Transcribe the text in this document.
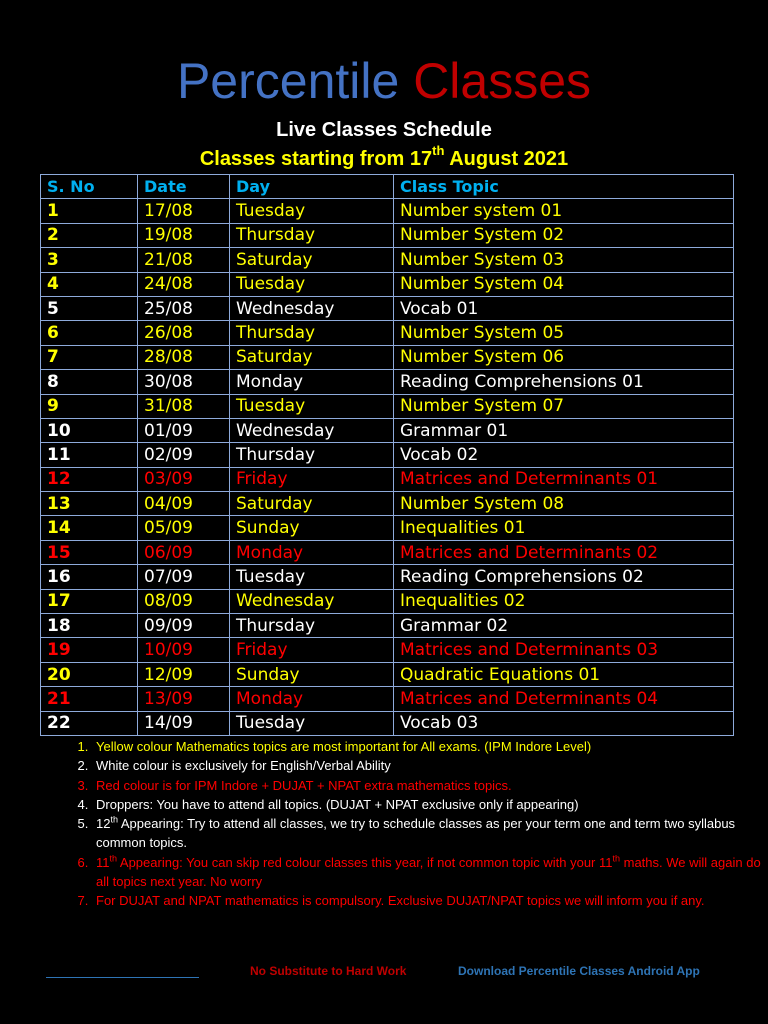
Percentile Classes
Live Classes Schedule
Classes starting from 17th August 2021
S. No	Date	Day	Class Topic
1	17/08	Tuesday	Number system 01
2	19/08	Thursday	Number System 02
3	21/08	Saturday	Number System 03
4	24/08	Tuesday	Number System 04
5	25/08	Wednesday	Vocab 01
6	26/08	Thursday	Number System 05
7	28/08	Saturday	Number System 06
8	30/08	Monday	Reading Comprehensions 01
9	31/08	Tuesday	Number System 07
10	01/09	Wednesday	Grammar 01
11	02/09	Thursday	Vocab 02
12	03/09	Friday	Matrices and Determinants 01
13	04/09	Saturday	Number System 08
14	05/09	Sunday	Inequalities 01
15	06/09	Monday	Matrices and Determinants 02
16	07/09	Tuesday	Reading Comprehensions 02
17	08/09	Wednesday	Inequalities 02
18	09/09	Thursday	Grammar 02
19	10/09	Friday	Matrices and Determinants 03
20	12/09	Sunday	Quadratic Equations 01
21	13/09	Monday	Matrices and Determinants 04
22	14/09	Tuesday	Vocab 03
1. Yellow colour Mathematics topics are most important for All exams. (IPM Indore Level)
2. White colour is exclusively for English/Verbal Ability
3. Red colour is for IPM Indore + DUJAT + NPAT extra mathematics topics.
4. Droppers: You have to attend all topics. (DUJAT + NPAT exclusive only if appearing)
5. 12th Appearing: Try to attend all classes, we try to schedule classes as per your term one and term two syllabus common topics.
6. 11th Appearing: You can skip red colour classes this year, if not common topic with your 11th maths. We will again do all topics next year. No worry
7. For DUJAT and NPAT mathematics is compulsory. Exclusive DUJAT/NPAT topics we will inform you if any.
No Substitute to Hard Work	Download Percentile Classes Android App
